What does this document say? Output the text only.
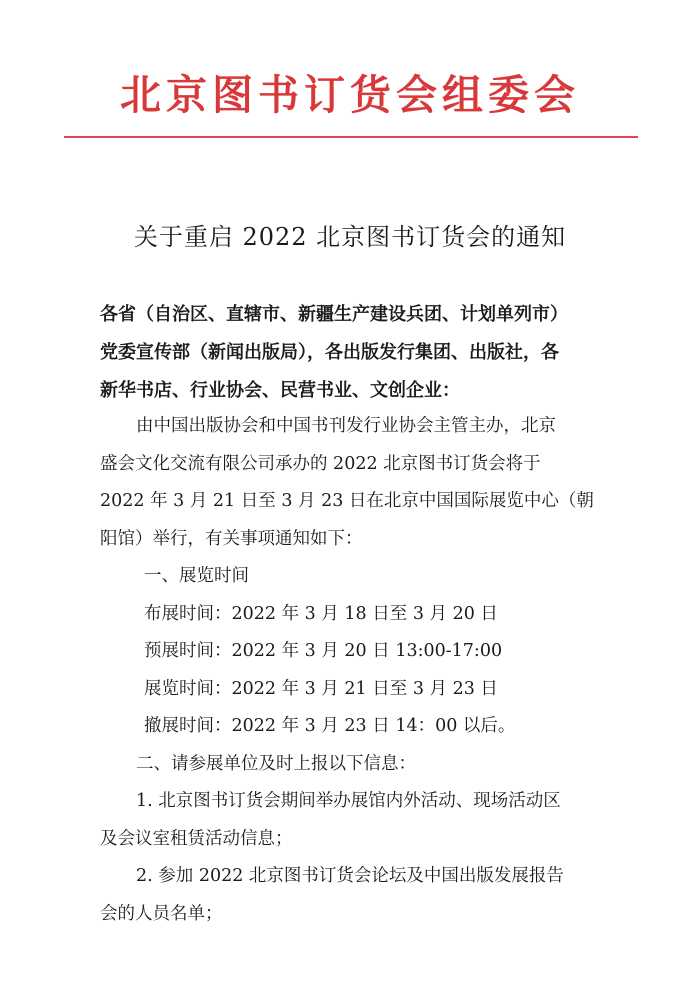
北京图书订货会组委会
关于重启 2022 北京图书订货会的通知
各省（自治区、直辖市、新疆生产建设兵团、计划单列市）
党委宣传部（新闻出版局），各出版发行集团、出版社，各
新华书店、行业协会、民营书业、文创企业：
由中国出版协会和中国书刊发行业协会主管主办，北京
盛会文化交流有限公司承办的 2022 北京图书订货会将于
2022 年 3 月 21 日至 3 月 23 日在北京中国国际展览中心（朝
阳馆）举行，有关事项通知如下：
一、展览时间
布展时间：2022 年 3 月 18 日至 3 月 20 日
预展时间：2022 年 3 月 20 日 13:00-17:00
展览时间：2022 年 3 月 21 日至 3 月 23 日
撤展时间：2022 年 3 月 23 日 14：00 以后。
二、请参展单位及时上报以下信息：
1. 北京图书订货会期间举办展馆内外活动、现场活动区
及会议室租赁活动信息；
2. 参加 2022 北京图书订货会论坛及中国出版发展报告
会的人员名单；
